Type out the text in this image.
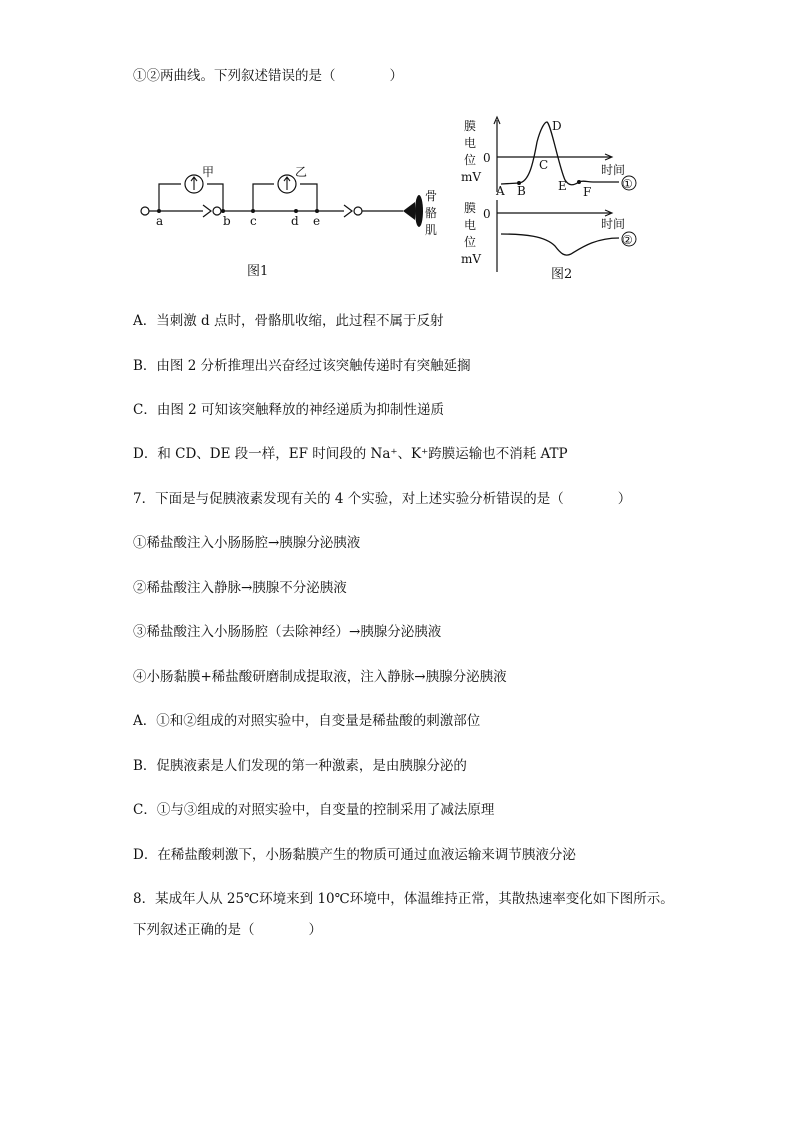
①②两曲线。下列叙述错误的是（　　　　）
骨
骼
肌
甲	乙
a	b c	d e
图1
膜
电
位
mV
0
时间
A B
C
D
E F
①
膜
电
位
mV
0
时间
②
图2
A．当刺激 d 点时，骨骼肌收缩，此过程不属于反射
B．由图 2 分析推理出兴奋经过该突触传递时有突触延搁
C．由图 2 可知该突触释放的神经递质为抑制性递质
D．和 CD、DE 段一样，EF 时间段的 Na⁺、K⁺跨膜运输也不消耗 ATP
7．下面是与促胰液素发现有关的 4 个实验，对上述实验分析错误的是（　　　　）
①稀盐酸注入小肠肠腔→胰腺分泌胰液
②稀盐酸注入静脉→胰腺不分泌胰液
③稀盐酸注入小肠肠腔（去除神经）→胰腺分泌胰液
④小肠黏膜+稀盐酸研磨制成提取液，注入静脉→胰腺分泌胰液
A．①和②组成的对照实验中，自变量是稀盐酸的刺激部位
B．促胰液素是人们发现的第一种激素，是由胰腺分泌的
C．①与③组成的对照实验中，自变量的控制采用了减法原理
D．在稀盐酸刺激下，小肠黏膜产生的物质可通过血液运输来调节胰液分泌
8．某成年人从 25℃环境来到 10℃环境中，体温维持正常，其散热速率变化如下图所示。
下列叙述正确的是（　　　　）
